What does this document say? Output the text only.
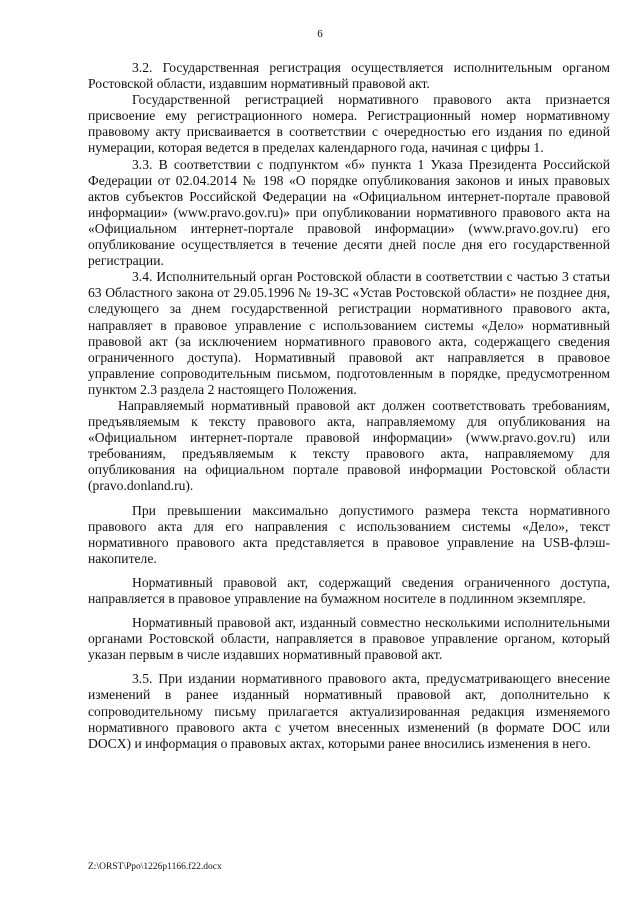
6

3.2. Государственная регистрация осуществляется исполнительным органом Ростовской области, издавшим нормативный правовой акт.

Государственной регистрацией нормативного правового акта признается присвоение ему регистрационного номера. Регистрационный номер нормативному правовому акту присваивается в соответствии с очередностью его издания по единой нумерации, которая ведется в пределах календарного года, начиная с цифры 1.

3.3. В соответствии с подпунктом «б» пункта 1 Указа Президента Российской Федерации от 02.04.2014 № 198 «О порядке опубликования законов и иных правовых актов субъектов Российской Федерации на «Официальном интернет-портале правовой информации» (www.pravo.gov.ru)» при опубликовании нормативного правового акта на «Официальном интернет-портале правовой информации» (www.pravo.gov.ru) его опубликование осуществляется в течение десяти дней после дня его государственной регистрации.

3.4. Исполнительный орган Ростовской области в соответствии с частью 3 статьи 63 Областного закона от 29.05.1996 № 19-ЗС «Устав Ростовской области» не позднее дня, следующего за днем государственной регистрации нормативного правового акта, направляет в правовое управление с использованием системы «Дело» нормативный правовой акт (за исключением нормативного правового акта, содержащего сведения ограниченного доступа). Нормативный правовой акт направляется в правовое управление сопроводительным письмом, подготовленным в порядке, предусмотренном пунктом 2.3 раздела 2 настоящего Положения.

Направляемый нормативный правовой акт должен соответствовать требованиям, предъявляемым к тексту правового акта, направляемому для опубликования на «Официальном интернет-портале правовой информации» (www.pravo.gov.ru) или требованиям, предъявляемым к тексту правового акта, направляемому для опубликования на официальном портале правовой информации Ростовской области (pravo.donland.ru).

При превышении максимально допустимого размера текста нормативного правового акта для его направления с использованием системы «Дело», текст нормативного правового акта представляется в правовое управление на USB-флэш-накопителе.

Нормативный правовой акт, содержащий сведения ограниченного доступа, направляется в правовое управление на бумажном носителе в подлинном экземпляре.

Нормативный правовой акт, изданный совместно несколькими исполнительными органами Ростовской области, направляется в правовое управление органом, который указан первым в числе издавших нормативный правовой акт.

3.5. При издании нормативного правового акта, предусматривающего внесение изменений в ранее изданный нормативный правовой акт, дополнительно к сопроводительному письму прилагается актуализированная редакция изменяемого нормативного правового акта с учетом внесенных изменений (в формате DOC или DOCX) и информация о правовых актах, которыми ранее вносились изменения в него.

Z:\ORST\Ppo\1226p1166.f22.docx
